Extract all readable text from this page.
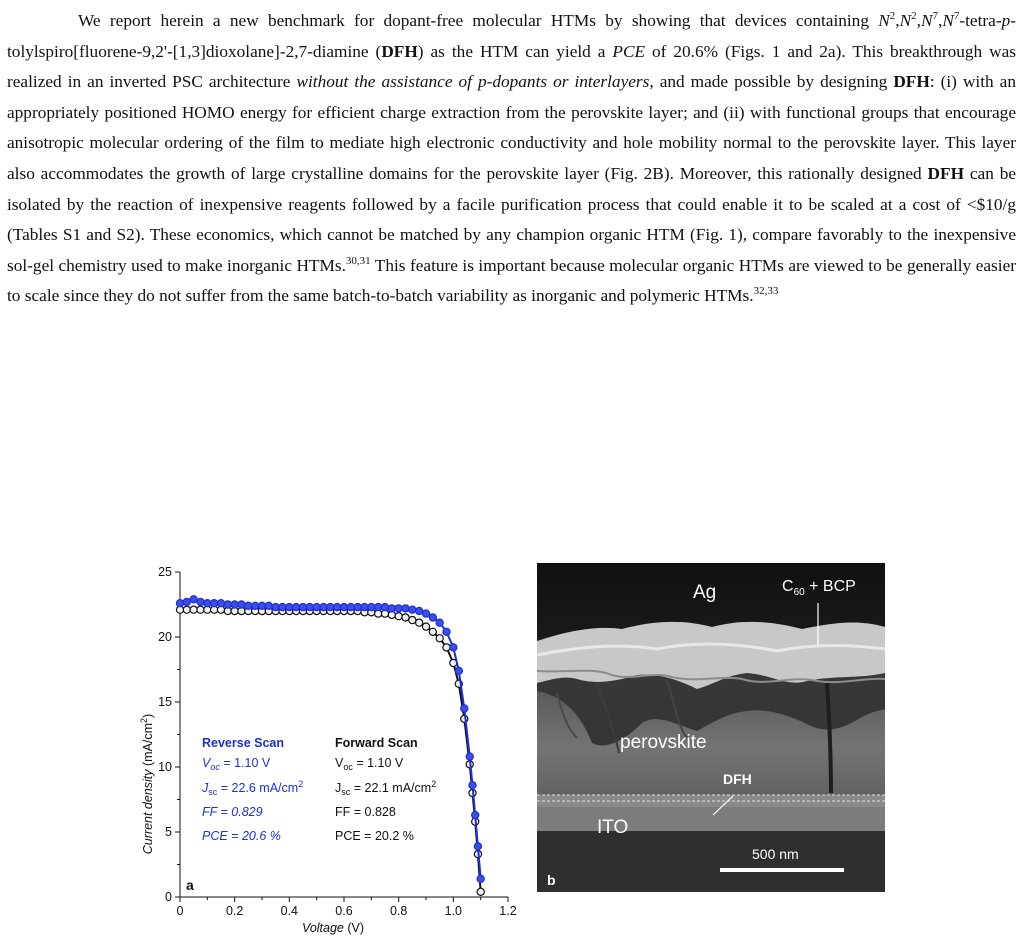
We report herein a new benchmark for dopant-free molecular HTMs by showing that devices containing $N^2,N^2,N^7,N^7-tetra-p-tolylspiro[fluorene-9,2'-[1,3]dioxolane]-2,7$-diamine (DFH) as the HTM can yield a PCE of 20.6% (Figs. 1 and 2a). This breakthrough was realized in an inverted PSC architecture without the assistance of p-dopants or interlayers, and made possible by designing DFH: (i) with an appropriately positioned HOMO energy for efficient charge extraction from the perovskite layer; and (ii) with functional groups that encourage anisotropic molecular ordering of the film to mediate high electronic conductivity and hole mobility normal to the perovskite layer. This layer also accommodates the growth of large crystalline domains for the perovskite layer (Fig. 2B). Moreover, this rationally designed DFH can be isolated by the reaction of inexpensive reagents followed by a facile purification process that could enable it to be scaled at a cost of <$10/g (Tables S1 and S2). These economics, which cannot be matched by any champion organic HTM (Fig. 1), compare favorably to the inexpensive sol-gel chemistry used to make inorganic HTMs.$^{30,31}$ This feature is important because molecular organic HTMs are viewed to be generally easier to scale since they do not suffer from the same batch-to-batch variability as inorganic and polymeric HTMs.$^{32,33}$

0	0.2	0.4	0.6	0.8	1.0	1.2
0
5
10
15
20
25
Reverse Scan
$V_{oc} = 1.10$ V
$J_{sc} = 22.6$ $mA/cm^2$
FF = 0.829
PCE = 20.6 %
Forward Scan
$V_{oc} = 1.10$ V
$J_{sc} = 22.1$ $mA/cm^2$
FF = 0.828
PCE = 20.2 %
a
Voltage (V)
Current density $(mA/cm^2)$
Ag	$C_{60}$ + BCP
perovskite
DFH
ITO
500 nm
b
